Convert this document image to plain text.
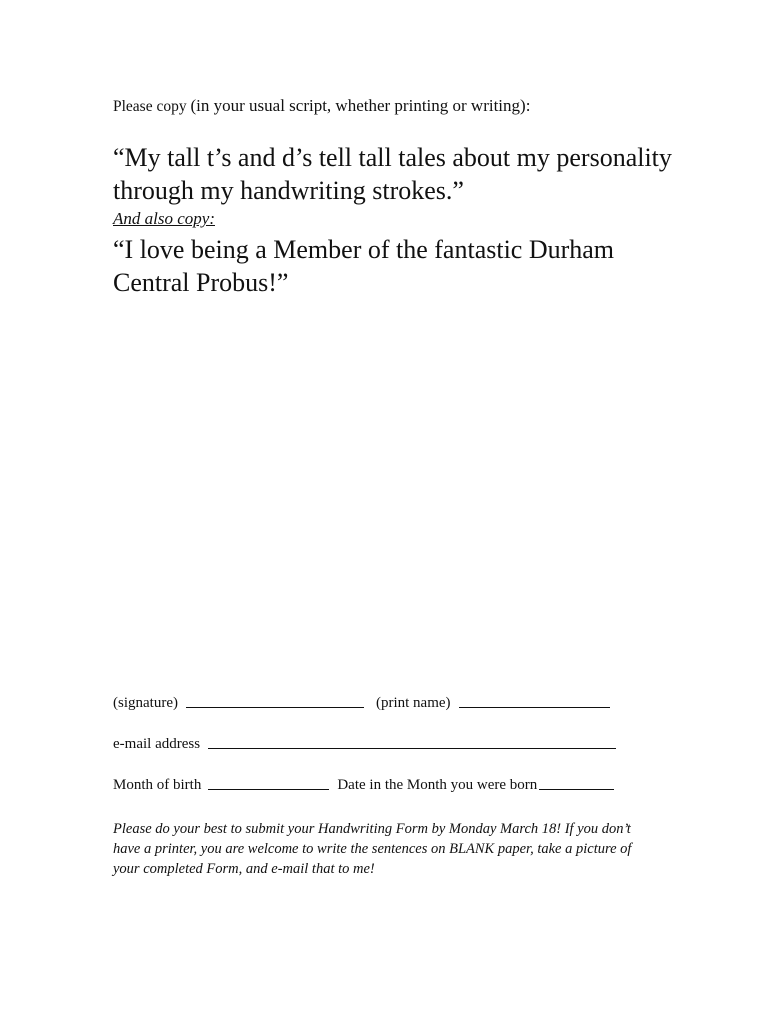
Please copy (in your usual script, whether printing or writing):
“My tall t’s and d’s tell tall tales about my personality through my handwriting strokes.”
And also copy:
“I love being a Member of the fantastic Durham Central Probus!”
(signature)	(print name)
e-mail address
Month of birth	Date in the Month you were born
Please do your best to submit your Handwriting Form by Monday March 18! If you don’t have a printer, you are welcome to write the sentences on BLANK paper, take a picture of your completed Form, and e-mail that to me!
